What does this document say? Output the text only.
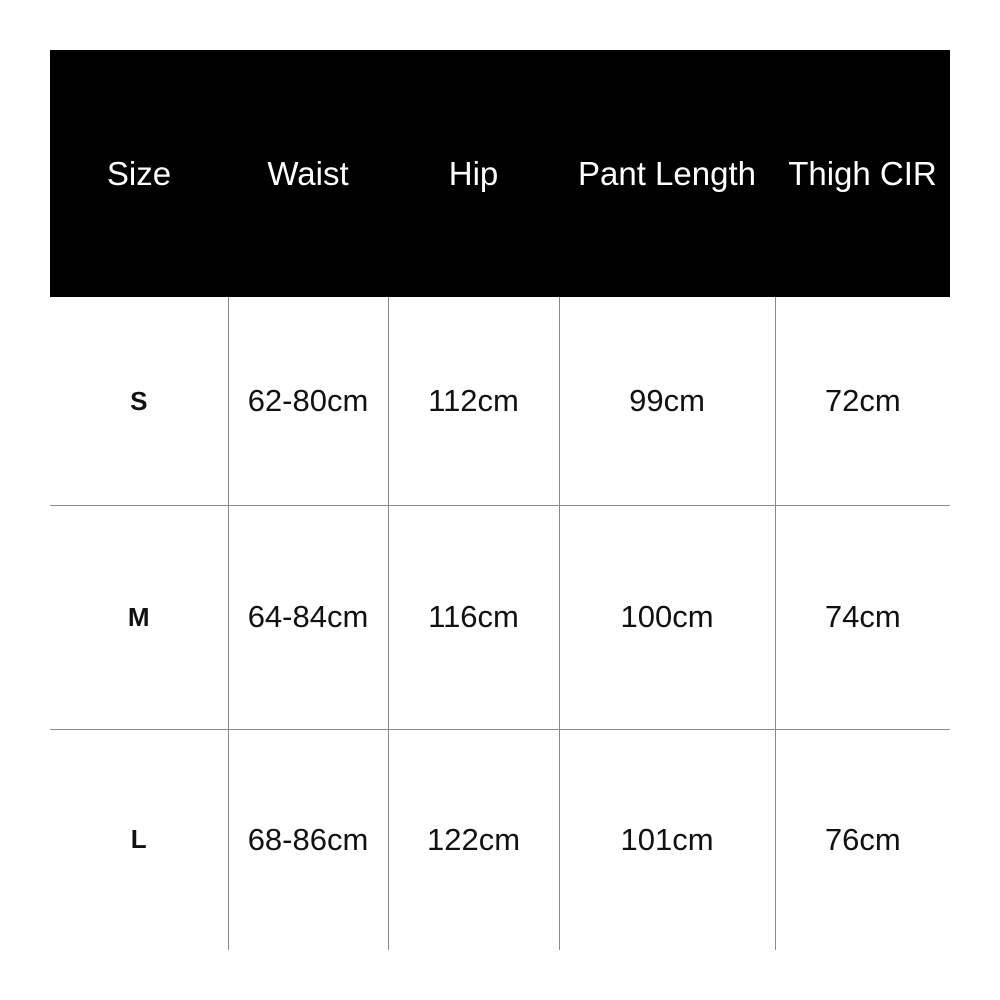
Size	Waist	Hip	Pant Length	Thigh CIR
S	62-80cm	112cm	99cm	72cm
M	64-84cm	116cm	100cm	74cm
L	68-86cm	122cm	101cm	76cm
